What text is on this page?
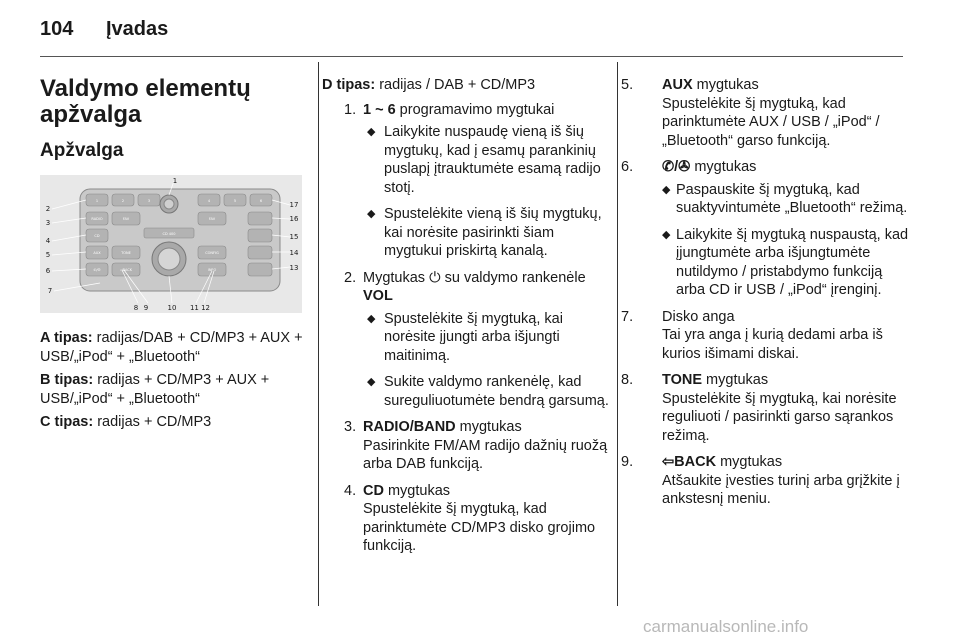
104 Įvadas
Valdymo elementų
apžvalga
Apžvalga
1	2	3	4	5	6
RADIO
CD
AUX
✆/✇
FAV
TONE
◁BACK
FAV
CONFIG
INFO
CD 400
1
2
3
4
5
6
7
8 9	10 11 12
13
14
15
16
17

A tipas: radijas/DAB + CD/MP3 + AUX + USB/„iPod“ + „Bluetooth“

B tipas: radijas + CD/MP3 + AUX + USB/„iPod“ + „Bluetooth“

C tipas: radijas + CD/MP3

D tipas: radijas / DAB + CD/MP3

1. 1 ~ 6 programavimo mygtukai
◆ Laikykite nuspaudę vieną iš šių mygtukų, kad į esamų parankinių puslapį įtrauktumėte esamą radijo stotį.
◆ Spustelėkite vieną iš šių mygtukų, kai norėsite pasirinkti šiam mygtukui priskirtą kanalą.
2. Mygtukas ⏻ su valdymo rankenėle VOL
◆ Spustelėkite šį mygtuką, kai norėsite įjungti arba išjungti maitinimą.
◆ Sukite valdymo rankenėlę, kad sureguliuotumėte bendrą garsumą.
3. RADIO/BAND mygtukas
Pasirinkite FM/AM radijo dažnių ruožą arba DAB funkciją.
4. CD mygtukas
Spustelėkite šį mygtuką, kad parinktumėte CD/MP3 disko grojimo funkciją.
5. AUX mygtukas
Spustelėkite šį mygtuką, kad parinktumėte AUX / USB / „iPod“ / „Bluetooth“ garso funkciją.
6. ✆/✇ mygtukas
◆ Paspauskite šį mygtuką, kad suaktyvintumėte „Bluetooth“ režimą.
◆ Laikykite šį mygtuką nuspaustą, kad įjungtumėte arba išjungtumėte nutildymo / pristabdymo funkciją arba CD ir USB / „iPod“ įrenginį.
7. Disko anga
Tai yra anga į kurią dedami arba iš kurios išimami diskai.
8. TONE mygtukas
Spustelėkite šį mygtuką, kai norėsite reguliuoti / pasirinkti garso sąrankos režimą.
9. ⇦BACK mygtukas
Atšaukite įvesties turinį arba grįžkite į ankstesnį meniu.
carmanualsonline.info
